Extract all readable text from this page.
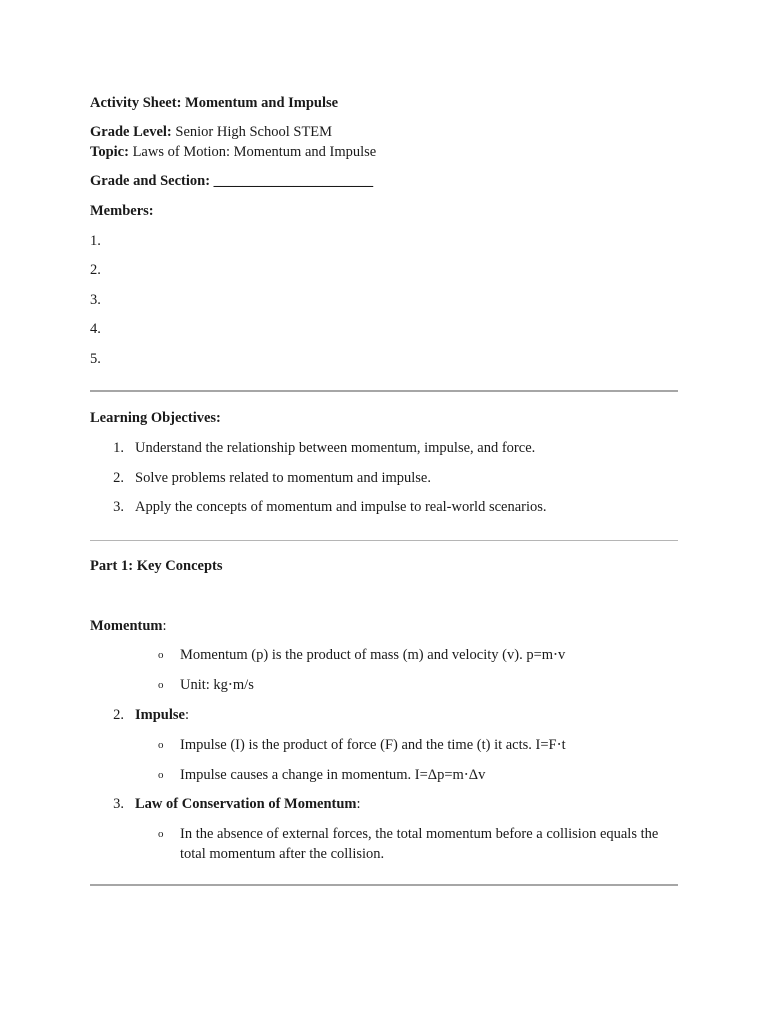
Activity Sheet: Momentum and Impulse
Grade Level: Senior High School STEM
Topic: Laws of Motion: Momentum and Impulse
Grade and Section: ______________________
Members:
1.
2.
3.
4.
5.
Learning Objectives:
1. Understand the relationship between momentum, impulse, and force.
2. Solve problems related to momentum and impulse.
3. Apply the concepts of momentum and impulse to real-world scenarios.
Part 1: Key Concepts
Momentum:
o Momentum (p) is the product of mass (m) and velocity (v). p=m⋅v
o Unit: kg⋅m/s
2. Impulse:
o Impulse (I) is the product of force (F) and the time (t) it acts. I=F⋅t
o Impulse causes a change in momentum. I=Δp=m⋅Δv
3. Law of Conservation of Momentum:
o In the absence of external forces, the total momentum before a collision equals the total momentum after the collision.
